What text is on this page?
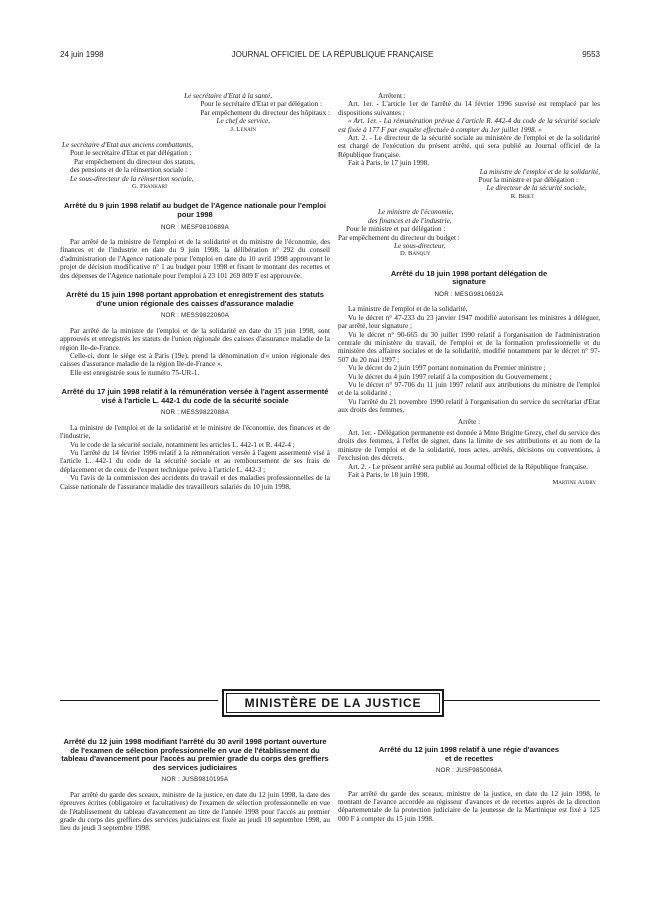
24 juin 1998	JOURNAL OFFICIEL DE LA RÉPUBLIQUE FRANÇAISE	9553

Le secrétaire d'Etat à la santé,

Pour le secrétaire d'Etat et par délégation :

Par empêchement du directeur des hôpitaux :

Le chef de service,

J. Lenain

Le secrétaire d'Etat aux anciens combattants,

Pour le secrétaire d'Etat et par délégation :

Par empêchement du directeur des statuts,

des pensions et de la réinsertion sociale :

Le sous-directeur de la réinsertion sociale,

G. Frankart

Arrêté du 9 juin 1998 relatif au budget de l'Agence nationale pour l'emploi pour 1998

NOR : MESF9810689A

Par arrêté de la ministre de l'emploi et de la solidarité et du ministre de l'économie, des finances et de l'industrie en date du 9 juin 1998, la délibération n° 292 du conseil d'administration de l'Agence nationale pour l'emploi en date du 10 avril 1998 approuvant le projet de décision modificative n° 1 au budget pour 1998 et fixant le montant des recettes et des dépenses de l'Agence nationale pour l'emploi à 23 101 269 809 F est approuvée.

Arrêté du 15 juin 1998 portant approbation et enregistrement des statuts d'une union régionale des caisses d'assurance maladie

NOR : MESS9822060A

Par arrêté de la ministre de l'emploi et de la solidarité en date du 15 juin 1998, sont approuvés et enregistrés les statuts de l'union régionale des caisses d'assurance maladie de la région Ile-de-France.

Celle-ci, dont le siège est à Paris (19e), prend la dénomination d'« union régionale des caisses d'assurance maladie de la région Ile-de-France ».

Elle est enregistrée sous le numéro 75-UR-1.

Arrêté du 17 juin 1998 relatif à la rémunération versée à l'agent assermenté visé à l'article L. 442-1 du code de la sécurité sociale

NOR : MESS9822088A

La ministre de l'emploi et de la solidarité et le ministre de l'économie, des finances et de l'industrie,

Vu le code de la sécurité sociale, notamment les articles L. 442-1 et R. 442-4 ;

Vu l'arrêté du 14 février 1996 relatif à la rémunération versée à l'agent assermenté visé à l'article L. 442-1 du code de la sécurité sociale et au remboursement de ses frais de déplacement et de ceux de l'expert technique prévu à l'article L. 442-3 ;

Vu l'avis de la commission des accidents du travail et des maladies professionnelles de la Caisse nationale de l'assurance maladie des travailleurs salariés du 10 juin 1998,

Arrêtent :

Art. 1er. - L'article 1er de l'arrêté du 14 février 1996 susvisé est remplacé par les dispositions suivantes :

« Art. 1er. - La rémunération prévue à l'article R. 442-4 du code de la sécurité sociale est fixée à 177 F par enquête effectuée à compter du 1er juillet 1998. »

Art. 2. - Le directeur de la sécurité sociale au ministère de l'emploi et de la solidarité est chargé de l'exécution du présent arrêté, qui sera publié au Journal officiel de la République française.

Fait à Paris, le 17 juin 1998.

La ministre de l'emploi et de la solidarité,

Pour la ministre et par délégation :

Le directeur de la sécurité sociale,

R. Briet

Le ministre de l'économie,

des finances et de l'industrie,

Pour le ministre et par délégation :

Par empêchement du directeur du budget :

Le sous-directeur,

D. Banquy

Arrêté du 18 juin 1998 portant délégation de signature

NOR : MESG9810692A

La ministre de l'emploi et de la solidarité,

Vu le décret n° 47-233 du 23 janvier 1947 modifié autorisant les ministres à déléguer, par arrêté, leur signature ;

Vu le décret n° 90-665 du 30 juillet 1990 relatif à l'organisation de l'administration centrale du ministère du travail, de l'emploi et de la formation professionnelle et du ministère des affaires sociales et de la solidarité, modifié notamment par le décret n° 97-507 du 20 mai 1997 ;

Vu le décret du 2 juin 1997 portant nomination du Premier ministre ;

Vu le décret du 4 juin 1997 relatif à la composition du Gouvernement ;

Vu le décret n° 97-706 du 11 juin 1997 relatif aux attributions du ministre de l'emploi et de la solidarité ;

Vu l'arrêté du 21 novembre 1990 relatif à l'organisation du service du secrétariat d'Etat aux droits des femmes,

Arrête :

Art. 1er. - Délégation permanente est donnée à Mme Brigitte Grezy, chef du service des droits des femmes, à l'effet de signer, dans la limite de ses attributions et au nom de la ministre de l'emploi et de la solidarité, tous actes, arrêtés, décisions ou conventions, à l'exclusion des décrets.

Art. 2. - Le présent arrêté sera publié au Journal officiel de la République française.

Fait à Paris, le 18 juin 1998.

Martine Aubry

MINISTÈRE DE LA JUSTICE

Arrêté du 12 juin 1998 modifiant l'arrêté du 30 avril 1998 portant ouverture de l'examen de sélection professionnelle en vue de l'établissement du tableau d'avancement pour l'accès au premier grade du corps des greffiers des services judiciaires

NOR : JUSB9810195A

Par arrêté du garde des sceaux, ministre de la justice, en date du 12 juin 1998, la date des épreuves écrites (obligatoire et facultatives) de l'examen de sélection professionnelle en vue de l'établissement du tableau d'avancement au titre de l'année 1998 pour l'accès au premier grade du corps des greffiers des services judiciaires est fixée au jeudi 10 septembre 1998, au lieu du jeudi 3 septembre 1998.

Arrêté du 12 juin 1998 relatif à une régie d'avances et de recettes

NOR : JUSF9850068A

Par arrêté du garde des sceaux, ministre de la justice, en date du 12 juin 1998, le montant de l'avance accordée au régisseur d'avances et de recettes auprès de la direction départementale de la protection judiciaire de la jeunesse de la Martinique est fixé à 125 000 F à compter du 15 juin 1998.
